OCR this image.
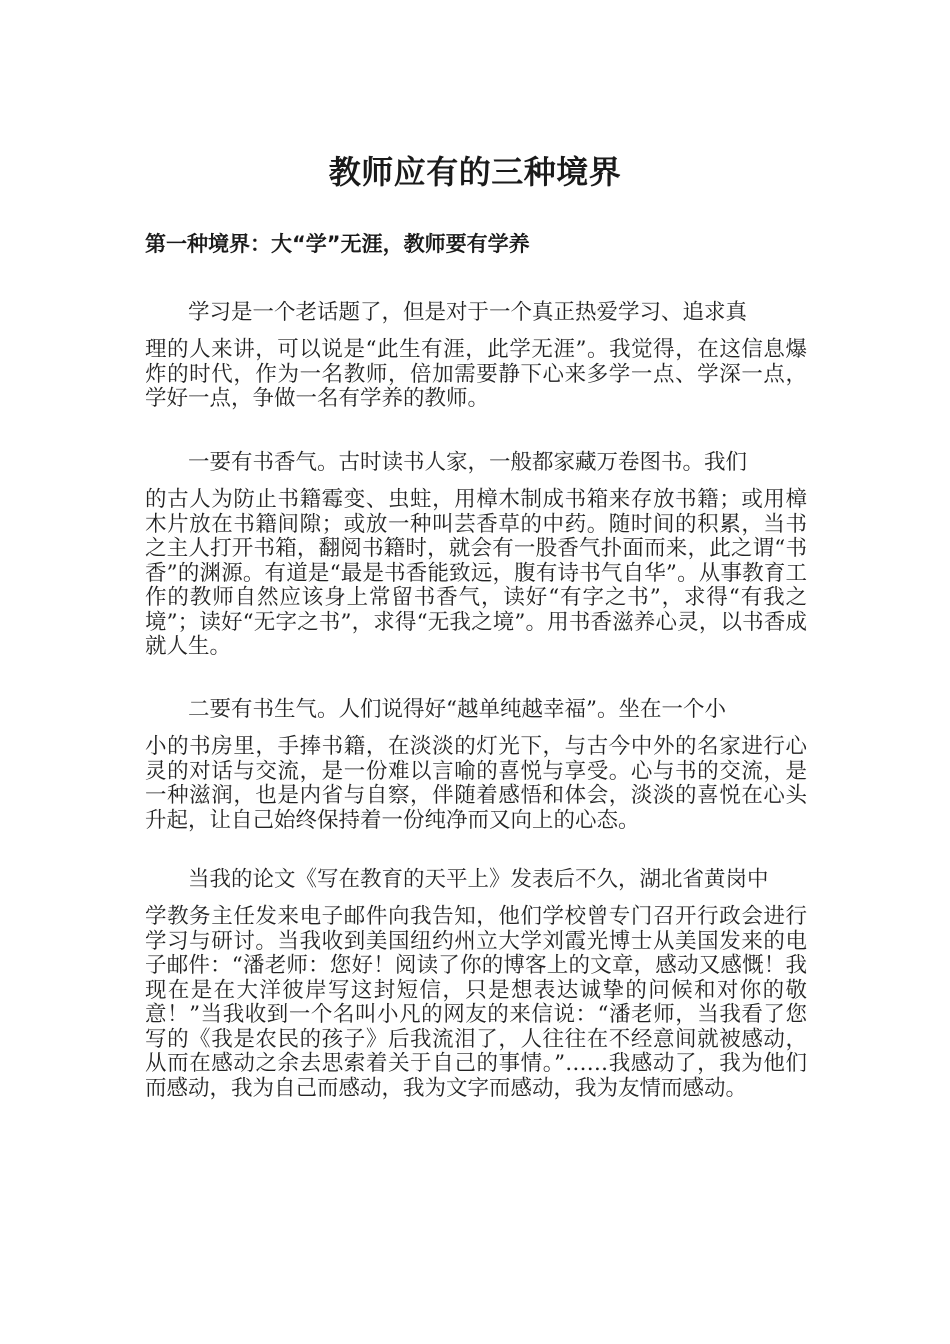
教师应有的三种境界
第一种境界：大“学”无涯，教师要有学养
学习是一个老话题了，但是对于一个真正热爱学习、追求真
理的人来讲，可以说是“此生有涯，此学无涯”。我觉得，在这信息爆炸的时代，作为一名教师，倍加需要静下心来多学一点、学深一点，学好一点，争做一名有学养的教师。
一要有书香气。古时读书人家，一般都家藏万卷图书。我们
的古人为防止书籍霉变、虫蛀，用樟木制成书箱来存放书籍；或用樟木片放在书籍间隙；或放一种叫芸香草的中药。随时间的积累，当书之主人打开书箱，翻阅书籍时，就会有一股香气扑面而来，此之谓“书香”的渊源。有道是“最是书香能致远，腹有诗书气自华”。从事教育工作的教师自然应该身上常留书香气，读好“有字之书”，求得“有我之境”；读好“无字之书”，求得“无我之境”。用书香滋养心灵，以书香成就人生。
二要有书生气。人们说得好“越单纯越幸福”。坐在一个小
小的书房里，手捧书籍，在淡淡的灯光下，与古今中外的名家进行心灵的对话与交流，是一份难以言喻的喜悦与享受。心与书的交流，是一种滋润，也是内省与自察，伴随着感悟和体会，淡淡的喜悦在心头升起，让自己始终保持着一份纯净而又向上的心态。
当我的论文《写在教育的天平上》发表后不久，湖北省黄岗中
学教务主任发来电子邮件向我告知，他们学校曾专门召开行政会进行学习与研讨。当我收到美国纽约州立大学刘霞光博士从美国发来的电子邮件：“潘老师：您好！阅读了你的博客上的文章，感动又感慨！我现在是在大洋彼岸写这封短信，只是想表达诚挚的问候和对你的敬意！”当我收到一个名叫小凡的网友的来信说：“潘老师，当我看了您写的《我是农民的孩子》后我流泪了，人往往在不经意间就被感动，从而在感动之余去思索着关于自己的事情。”……我感动了，我为他们而感动，我为自己而感动，我为文字而感动，我为友情而感动。
